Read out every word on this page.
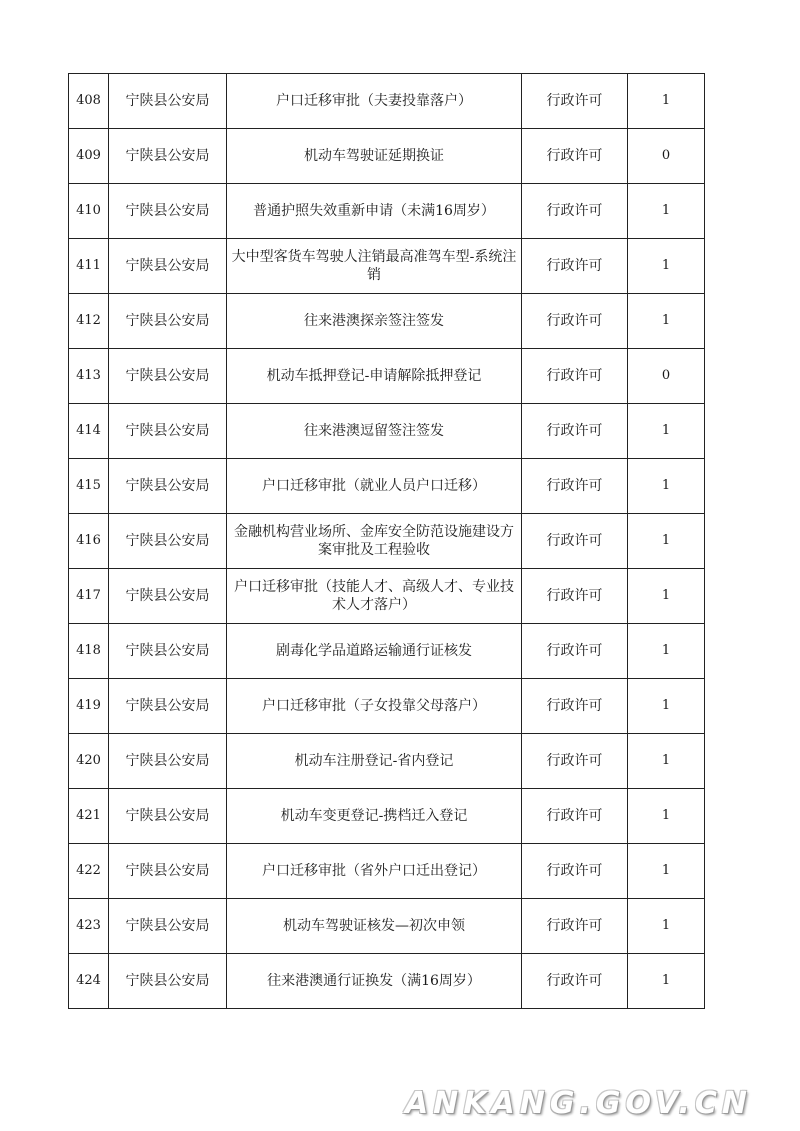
408	宁陕县公安局	户口迁移审批（夫妻投靠落户）	行政许可	1
409	宁陕县公安局	机动车驾驶证延期换证	行政许可	0
410	宁陕县公安局	普通护照失效重新申请（未满16周岁）	行政许可	1
411	宁陕县公安局	大中型客货车驾驶人注销最高准驾车型-系统注销	行政许可	1
412	宁陕县公安局	往来港澳探亲签注签发	行政许可	1
413	宁陕县公安局	机动车抵押登记-申请解除抵押登记	行政许可	0
414	宁陕县公安局	往来港澳逗留签注签发	行政许可	1
415	宁陕县公安局	户口迁移审批（就业人员户口迁移）	行政许可	1
416	宁陕县公安局	金融机构营业场所、金库安全防范设施建设方案审批及工程验收	行政许可	1
417	宁陕县公安局	户口迁移审批（技能人才、高级人才、专业技术人才落户）	行政许可	1
418	宁陕县公安局	剧毒化学品道路运输通行证核发	行政许可	1
419	宁陕县公安局	户口迁移审批（子女投靠父母落户）	行政许可	1
420	宁陕县公安局	机动车注册登记-省内登记	行政许可	1
421	宁陕县公安局	机动车变更登记-携档迁入登记	行政许可	1
422	宁陕县公安局	户口迁移审批（省外户口迁出登记）	行政许可	1
423	宁陕县公安局	机动车驾驶证核发—初次申领	行政许可	1
424	宁陕县公安局	往来港澳通行证换发（满16周岁）	行政许可	1
ANKANG.GOV.CN
